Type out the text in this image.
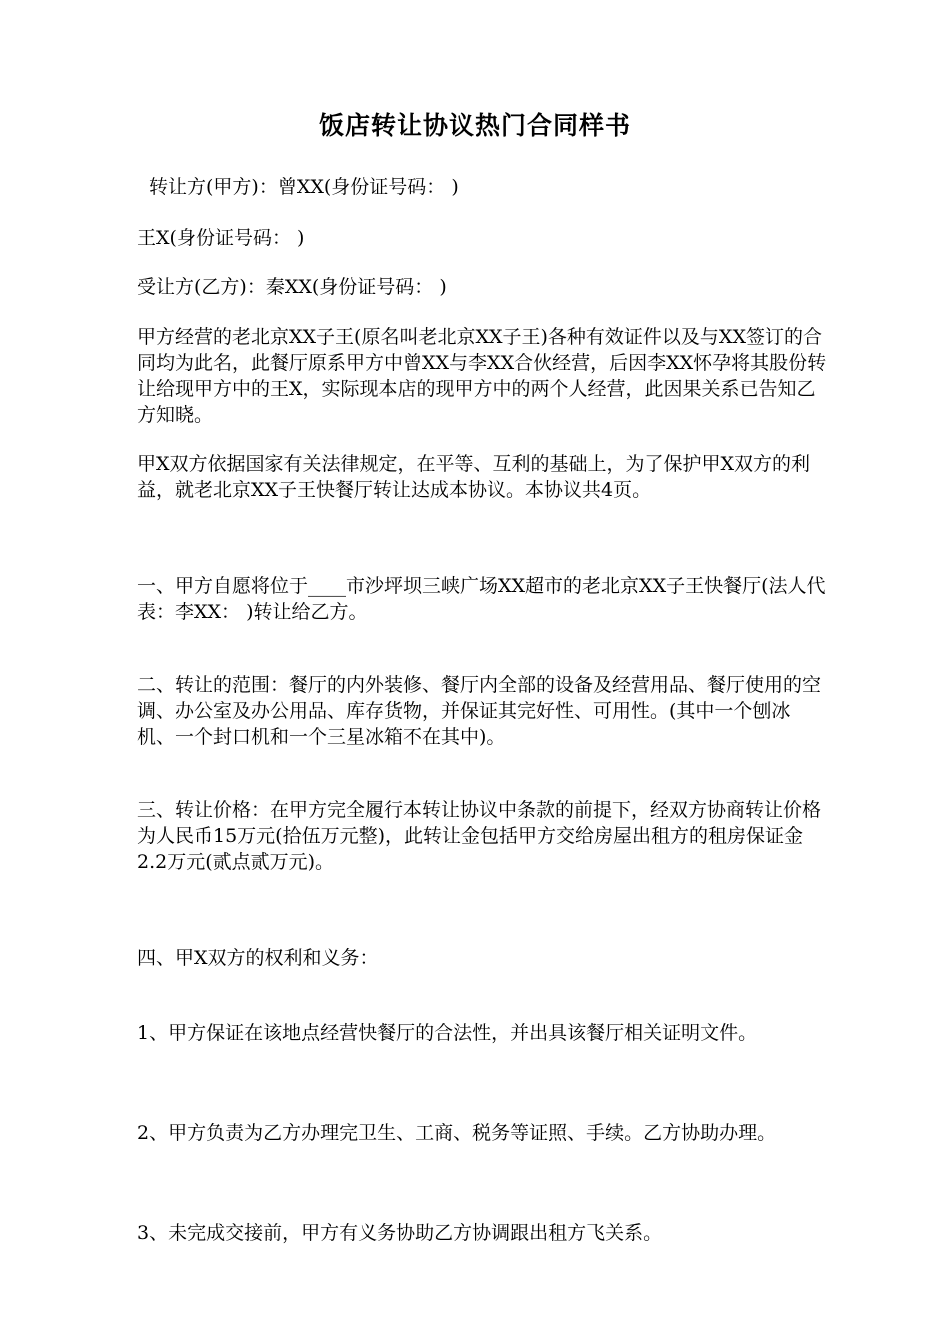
饭店转让协议热门合同样书

转让方(甲方)：曾XX(身份证号码： )

王X(身份证号码： )

受让方(乙方)：秦XX(身份证号码： )

甲方经营的老北京XX子王(原名叫老北京XX子王)各种有效证件以及与XX签订的合同均为此名，此餐厅原系甲方中曾XX与李XX合伙经营，后因李XX怀孕将其股份转让给现甲方中的王X，实际现本店的现甲方中的两个人经营，此因果关系已告知乙方知晓。

甲X双方依据国家有关法律规定，在平等、互利的基础上，为了保护甲X双方的利益，就老北京XX子王快餐厅转让达成本协议。本协议共4页。

一、甲方自愿将位于____市沙坪坝三峡广场XX超市的老北京XX子王快餐厅(法人代表：李XX： )转让给乙方。

二、转让的范围：餐厅的内外装修、餐厅内全部的设备及经营用品、餐厅使用的空调、办公室及办公用品、库存货物，并保证其完好性、可用性。(其中一个刨冰机、一个封口机和一个三星冰箱不在其中)。

三、转让价格：在甲方完全履行本转让协议中条款的前提下，经双方协商转让价格为人民币15万元(拾伍万元整)，此转让金包括甲方交给房屋出租方的租房保证金
2.2万元(贰点贰万元)。

四、甲X双方的权利和义务：

1、甲方保证在该地点经营快餐厅的合法性，并出具该餐厅相关证明文件。

2、甲方负责为乙方办理完卫生、工商、税务等证照、手续。乙方协助办理。

3、未完成交接前，甲方有义务协助乙方协调跟出租方飞关系。
